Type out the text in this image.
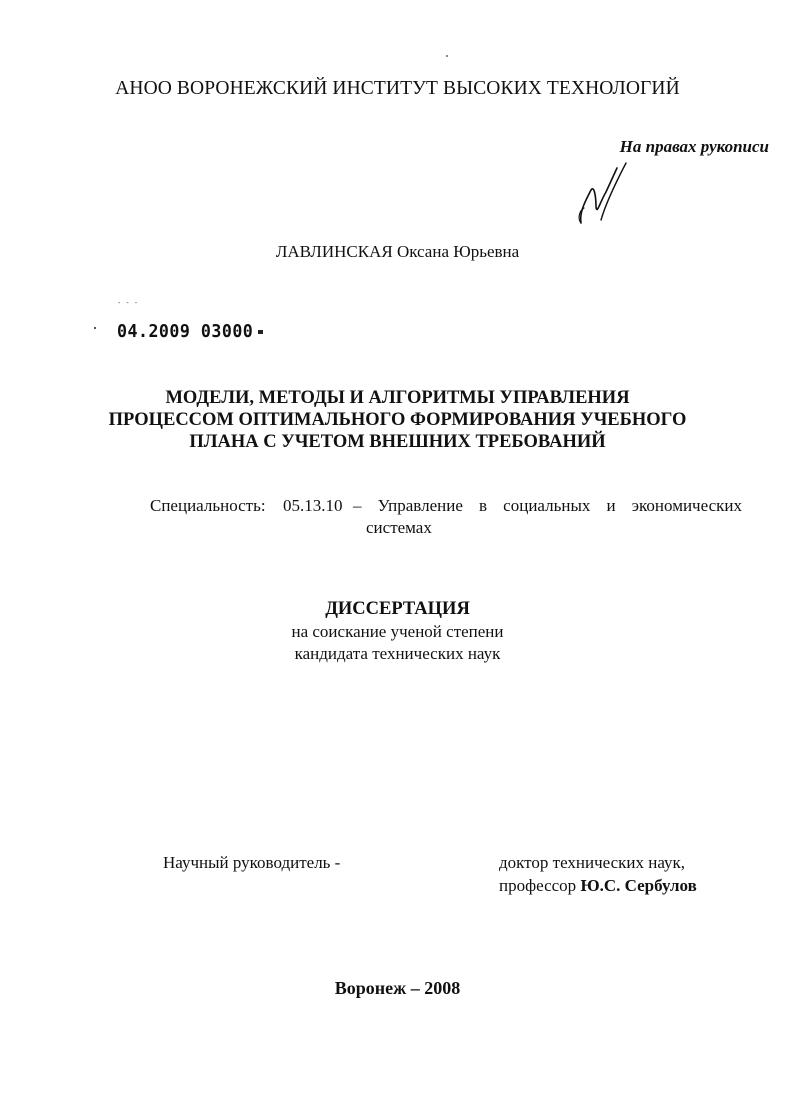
АНОО ВОРОНЕЖСКИЙ ИНСТИТУТ ВЫСОКИХ ТЕХНОЛОГИЙ
На правах рукописи
ЛАВЛИНСКАЯ Оксана Юрьевна
- - -
04.2009 03000
МОДЕЛИ, МЕТОДЫ И АЛГОРИТМЫ УПРАВЛЕНИЯ
ПРОЦЕССОМ ОПТИМАЛЬНОГО ФОРМИРОВАНИЯ УЧЕБНОГО
ПЛАНА С УЧЕТОМ ВНЕШНИХ ТРЕБОВАНИЙ
Специальность: 05.13.10 – Управление в социальных и экономических
системах
ДИССЕРТАЦИЯ
на соискание ученой степени
кандидата технических наук
Научный руководитель -	доктор технических наук,
профессор Ю.С. Сербулов
Воронеж – 2008
